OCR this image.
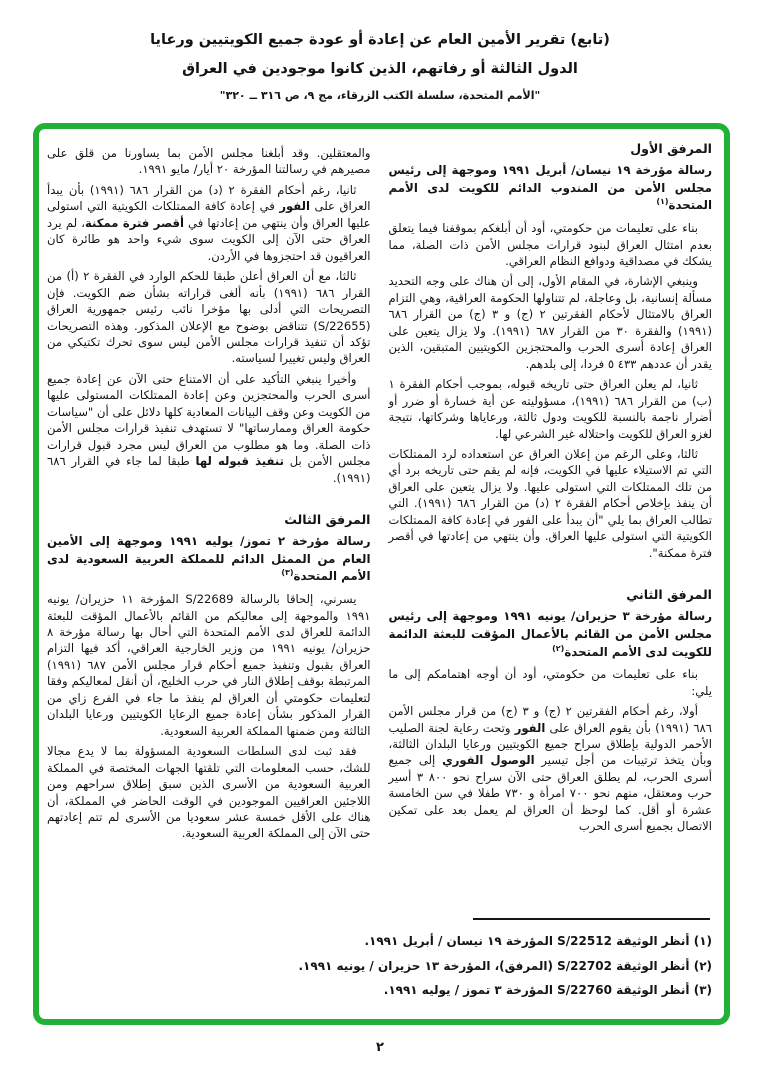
(تابع) تقرير الأمين العام عن إعادة أو عودة جميع الكويتيين ورعايا
الدول الثالثة أو رفاتهم، الذين كانوا موجودين في العراق
"الأمم المتحدة، سلسلة الكتب الزرقاء، مج ٩، ص ٣١٦ ــ ٣٢٠"
المرفق الأول

رسالة مؤرخة ١٩ نيسان/ أبريل ١٩٩١ وموجهة إلى رئيس مجلس الأمن من المندوب الدائم للكويت لدى الأمم المتحدة$^{(١)}$

بناء على تعليمات من حكومتي، أود أن أبلغكم بموقفنا فيما يتعلق بعدم امتثال العراق لبنود قرارات مجلس الأمن ذات الصلة، مما يشكك في مصداقية ودوافع النظام العراقي.

وينبغي الإشارة، في المقام الأول، إلى أن هناك على وجه التحديد مسألة إنسانية، بل وعاجلة، لم تتناولها الحكومة العراقية، وهي التزام العراق بالامتثال لأحكام الفقرتين ٢ (ج) و ٣ (ج) من القرار ٦٨٦ (١٩٩١) والفقرة ٣٠ من القرار ٦٨٧ (١٩٩١). ولا يزال يتعين على العراق إعادة أسرى الحرب والمحتجزين الكويتيين المتبقين، الذين يقدر أن عددهم ٥ ٤٣٣ فردا، إلى بلدهم.

ثانيا، لم يعلن العراق حتى تاريخه قبوله، بموجب أحكام الفقرة ١ (ب) من القرار ٦٨٦ (١٩٩١)، مسؤوليته عن أية خسارة أو ضرر أو أضرار ناجمة بالنسبة للكويت ودول ثالثة، ورعاياها وشركاتها، نتيجة لغزو العراق للكويت واحتلاله غير الشرعي لها.

ثالثا، وعلى الرغم من إعلان العراق عن استعداده لرد الممتلكات التي تم الاستيلاء عليها في الكويت، فإنه لم يقم حتى تاريخه برد أي من تلك الممتلكات التي استولى عليها. ولا يزال يتعين على العراق أن ينفذ بإخلاص أحكام الفقرة ٢ (د) من القرار ٦٨٦ (١٩٩١). التي تطالب العراق بما يلي "أن يبدأ على الفور في إعادة كافة الممتلكات الكويتية التي استولى عليها العراق. وأن ينتهي من إعادتها في أقصر فترة ممكنة".

المرفق الثاني

رسالة مؤرخة ٣ حزيران/ يونيه ١٩٩١ وموجهة إلى رئيس مجلس الأمن من القائم بالأعمال المؤقت للبعثة الدائمة للكويت لدى الأمم المتحدة$^{(٢)}$

بناء على تعليمات من حكومتي، أود أن أوجه اهتمامكم إلى ما يلي:

أولا، رغم أحكام الفقرتين ٢ (ج) و ٣ (ج) من قرار مجلس الأمن ٦٨٦ (١٩٩١) بأن يقوم العراق على الفور وتحت رعاية لجنة الصليب الأحمر الدولية بإطلاق سراح جميع الكويتيين ورعايا البلدان الثالثة، وبأن يتخذ ترتيبات من أجل تيسير الوصول الفوري إلى جميع أسرى الحرب، لم يطلق العراق حتى الآن سراح نحو ٣ ٨٠٠ أسير حرب ومعتقل، منهم نحو ٧٠٠ امرأة و ٧٣٠ طفلا في سن الخامسة عشرة أو أقل. كما لوحظ أن العراق لم يعمل بعد على تمكين الاتصال بجميع أسرى الحرب

والمعتقلين. وقد أبلغنا مجلس الأمن بما يساورنا من قلق على مصيرهم في رسالتنا المؤرخة ٢٠ أيار/ مايو ١٩٩١.

ثانيا، رغم أحكام الفقرة ٢ (د) من القرار ٦٨٦ (١٩٩١) بأن يبدأ العراق على الفور في إعادة كافة الممتلكات الكويتية التي استولى عليها العراق وأن ينتهي من إعادتها في أقصر فترة ممكنة، لم يرد العراق حتى الآن إلى الكويت سوى شيء واحد هو طائرة كان العراقيون قد احتجزوها في الأردن.

ثالثا، مع أن العراق أعلن طبقا للحكم الوارد في الفقرة ٢ (أ) من القرار ٦٨٦ (١٩٩١) بأنه ألغى قراراته بشأن ضم الكويت. فإن التصريحات التي أدلى بها مؤخرا نائب رئيس جمهورية العراق (S/22655) تتناقض بوضوح مع الإعلان المذكور. وهذه التصريحات تؤكد أن تنفيذ قرارات مجلس الأمن ليس سوى تحرك تكتيكي من العراق وليس تغييرا لسياسته.

وأخيرا ينبغي التأكيد على أن الامتناع حتى الآن عن إعادة جميع أسرى الحرب والمحتجزين وعن إعادة الممتلكات المستولى عليها من الكويت وعن وقف البيانات المعادية كلها دلائل على أن "سياسات حكومة العراق وممارساتها" لا تستهدف تنفيذ قرارات مجلس الأمن ذات الصلة. وما هو مطلوب من العراق ليس مجرد قبول قرارات مجلس الأمن بل تنفيذ قبوله لها طبقا لما جاء في القرار ٦٨٦ (١٩٩١).

المرفق الثالث

رسالة مؤرخة ٢ تموز/ يوليه ١٩٩١ وموجهة إلى الأمين العام من الممثل الدائم للمملكة العربية السعودية لدى الأمم المتحدة$^{(٣)}$

يسرني، إلحاقا بالرسالة S/22689 المؤرخة ١١ حزيران/ يونيه ١٩٩١ والموجهة إلى معاليكم من القائم بالأعمال المؤقت للبعثة الدائمة للعراق لدى الأمم المتحدة التي أحال بها رسالة مؤرخة ٨ حزيران/ يونيه ١٩٩١ من وزير الخارجية العراقي، أكد فيها التزام العراق بقبول وتنفيذ جميع أحكام قرار مجلس الأمن ٦٨٧ (١٩٩١) المرتبطة بوقف إطلاق النار في حرب الخليج، أن أنقل لمعاليكم وفقا لتعليمات حكومتي أن العراق لم ينفذ ما جاء في الفرع زاي من القرار المذكور بشأن إعادة جميع الرعايا الكويتيين ورعايا البلدان الثالثة ومن ضمنها المملكة العربية السعودية.

فقد ثبت لدى السلطات السعودية المسؤولة بما لا يدع مجالا للشك، حسب المعلومات التي تلقتها الجهات المختصة في المملكة العربية السعودية من الأسرى الذين سبق إطلاق سراحهم ومن اللاجئين العراقيين الموجودين في الوقت الحاضر في المملكة، أن هناك على الأقل خمسة عشر سعوديا من الأسرى لم تتم إعادتهم حتى الآن إلى المملكة العربية السعودية.

(١) أنظر الوثيقة S/22512 المؤرخة ١٩ نيسان / أبريل ١٩٩١.
(٢) أنظر الوثيقة S/22702 (المرفق)، المؤرخة ١٣ حزيران / يونيه ١٩٩١.
(٣) أنظر الوثيقة S/22760 المؤرخة ٣ تموز / يوليه ١٩٩١.
٢
